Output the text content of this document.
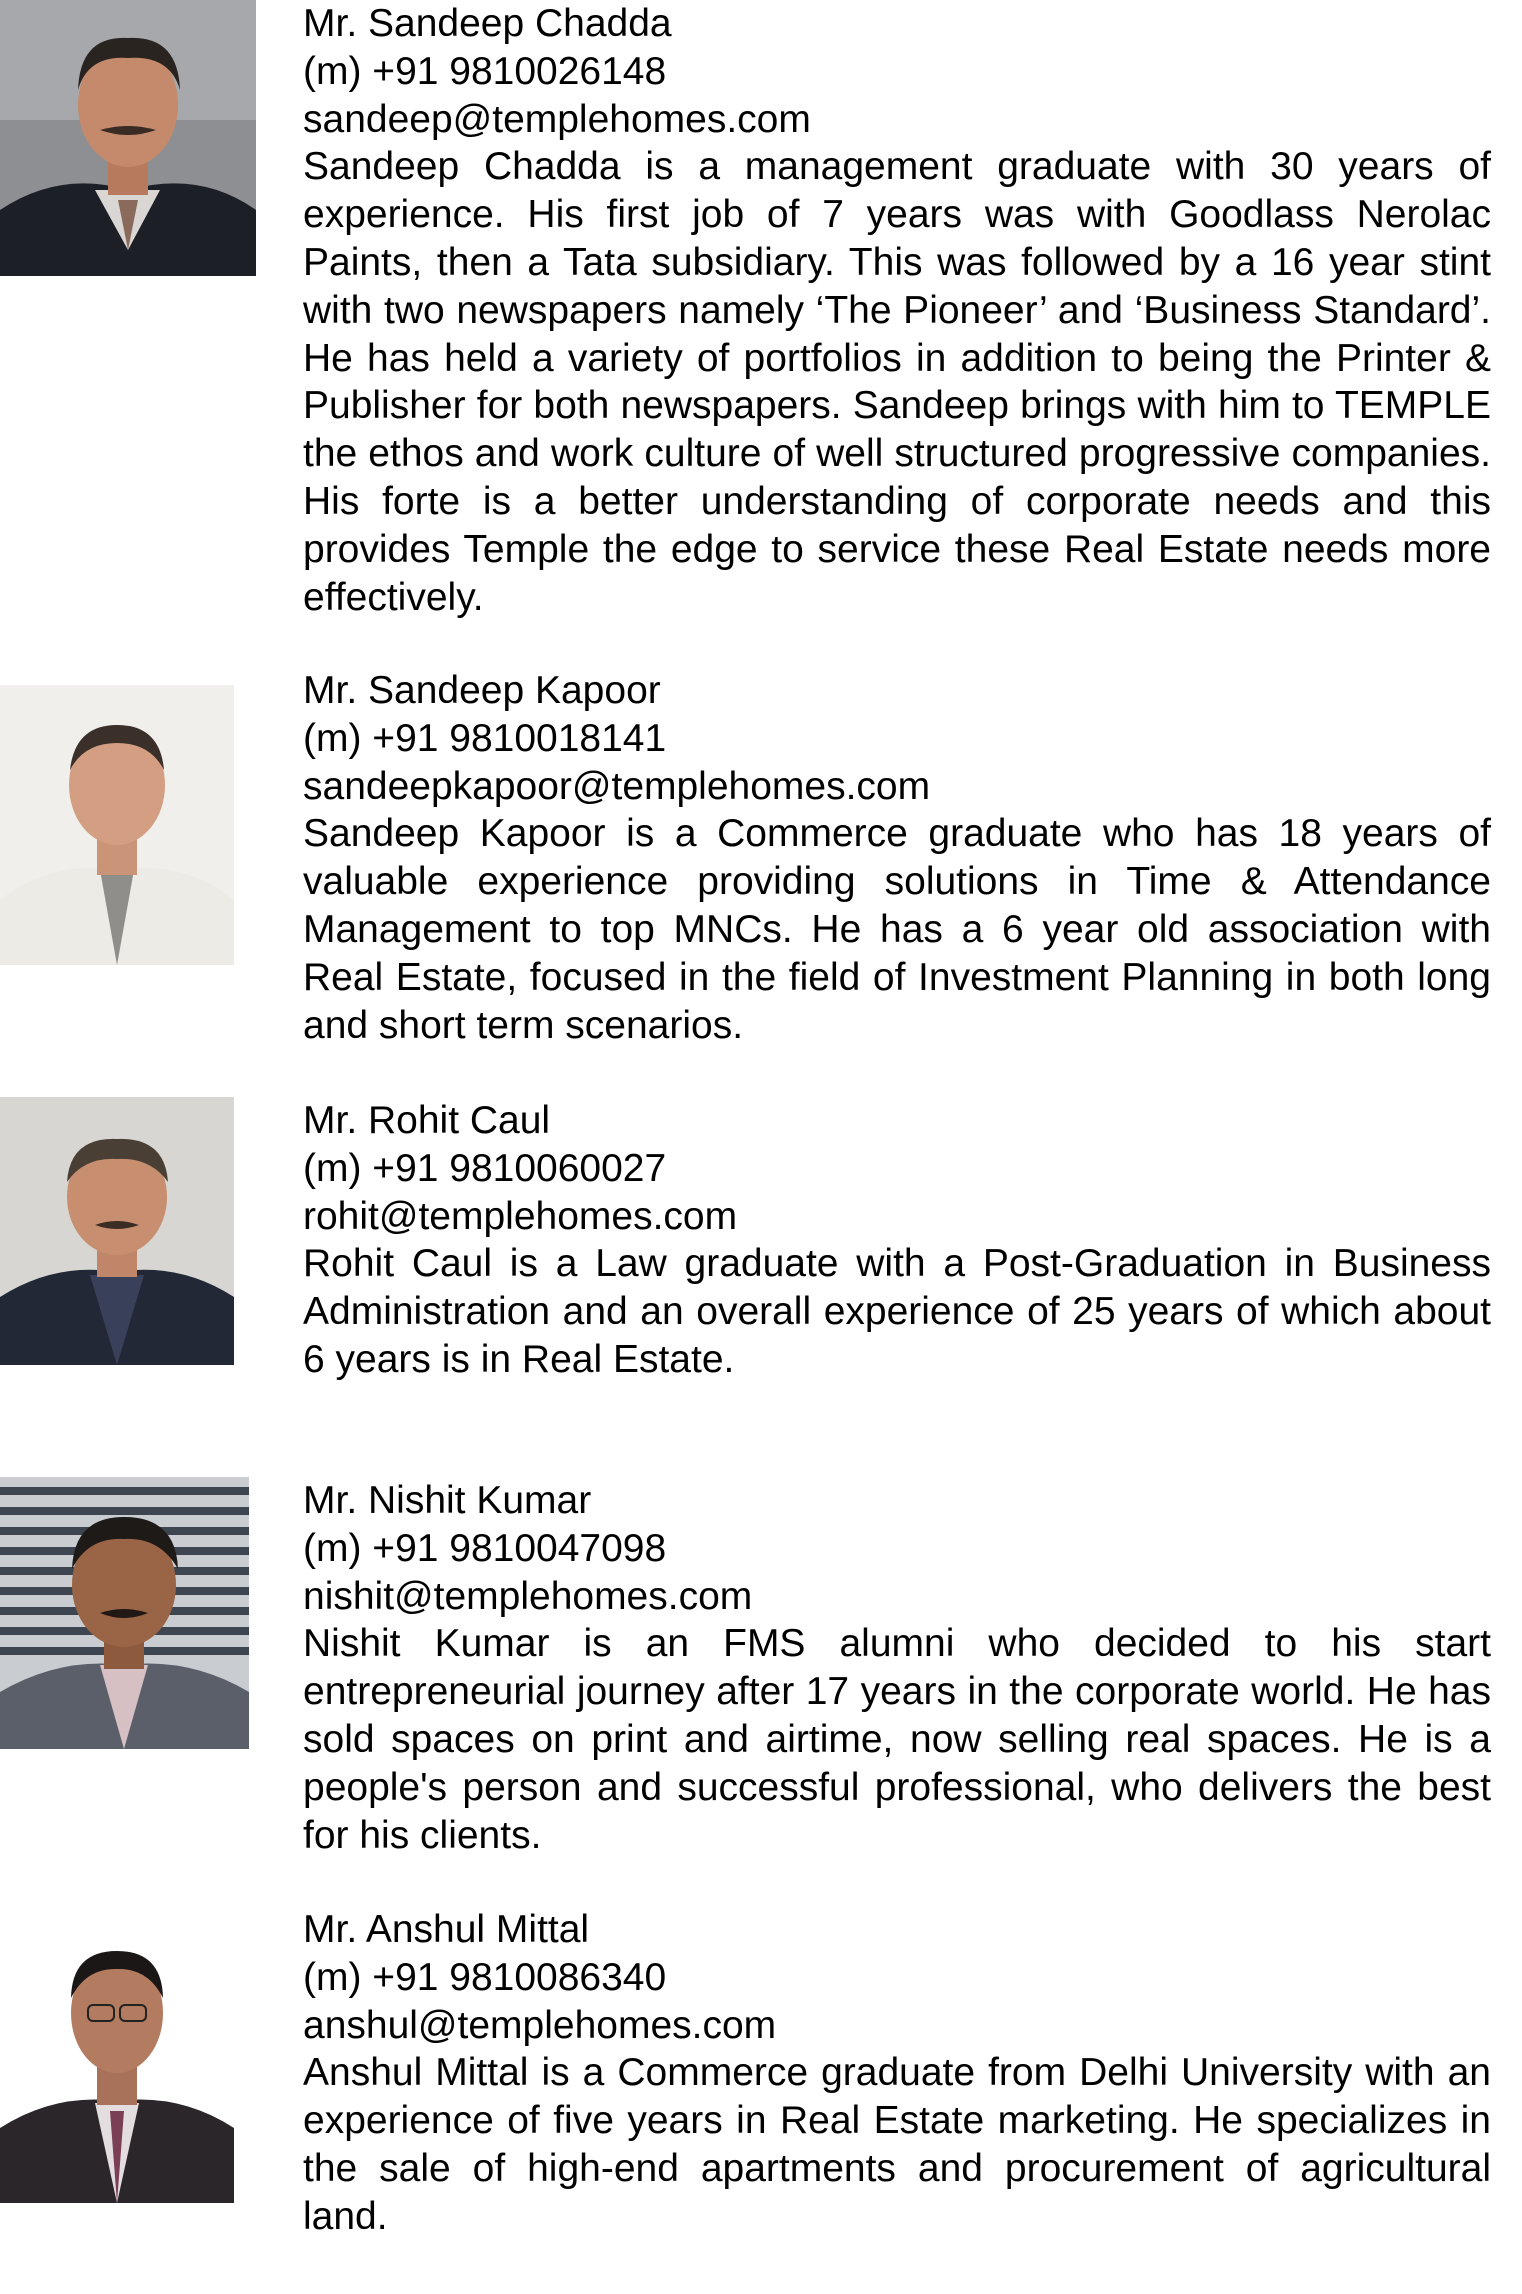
Mr. Sandeep Chadda
(m) +91 9810026148
sandeep@templehomes.com
Sandeep Chadda is a management graduate with 30 years of experience. His first job of 7 years was with Goodlass Nerolac Paints, then a Tata subsidiary. This was followed by a 16 year stint with two newspapers namely ‘The Pioneer’ and ‘Business Standard’. He has held a variety of portfolios in addition to being the Printer & Publisher for both newspapers. Sandeep brings with him to TEMPLE the ethos and work culture of well structured progressive companies. His forte is a better understanding of corporate needs and this provides Temple the edge to service these Real Estate needs more effectively.
Mr. Sandeep Kapoor
(m) +91 9810018141
sandeepkapoor@templehomes.com
Sandeep Kapoor is a Commerce graduate who has 18 years of valuable experience providing solutions in Time & Attendance Management to top MNCs. He has a 6 year old association with Real Estate, focused in the field of Investment Planning in both long and short term scenarios.
Mr. Rohit Caul
(m) +91 9810060027
rohit@templehomes.com
Rohit Caul is a Law graduate with a Post-Graduation in Business Administration and an overall experience of 25 years of which about 6 years is in Real Estate.
Mr. Nishit Kumar
(m) +91 9810047098
nishit@templehomes.com
Nishit Kumar is an FMS alumni who decided to his start entrepreneurial journey after 17 years in the corporate world. He has sold spaces on print and airtime, now selling real spaces. He is a people's person and successful professional, who delivers the best for his clients.
Mr. Anshul Mittal
(m) +91 9810086340
anshul@templehomes.com
Anshul Mittal is a Commerce graduate from Delhi University with an experience of five years in Real Estate marketing. He specializes in the sale of high-end apartments and procurement of agricultural land.
